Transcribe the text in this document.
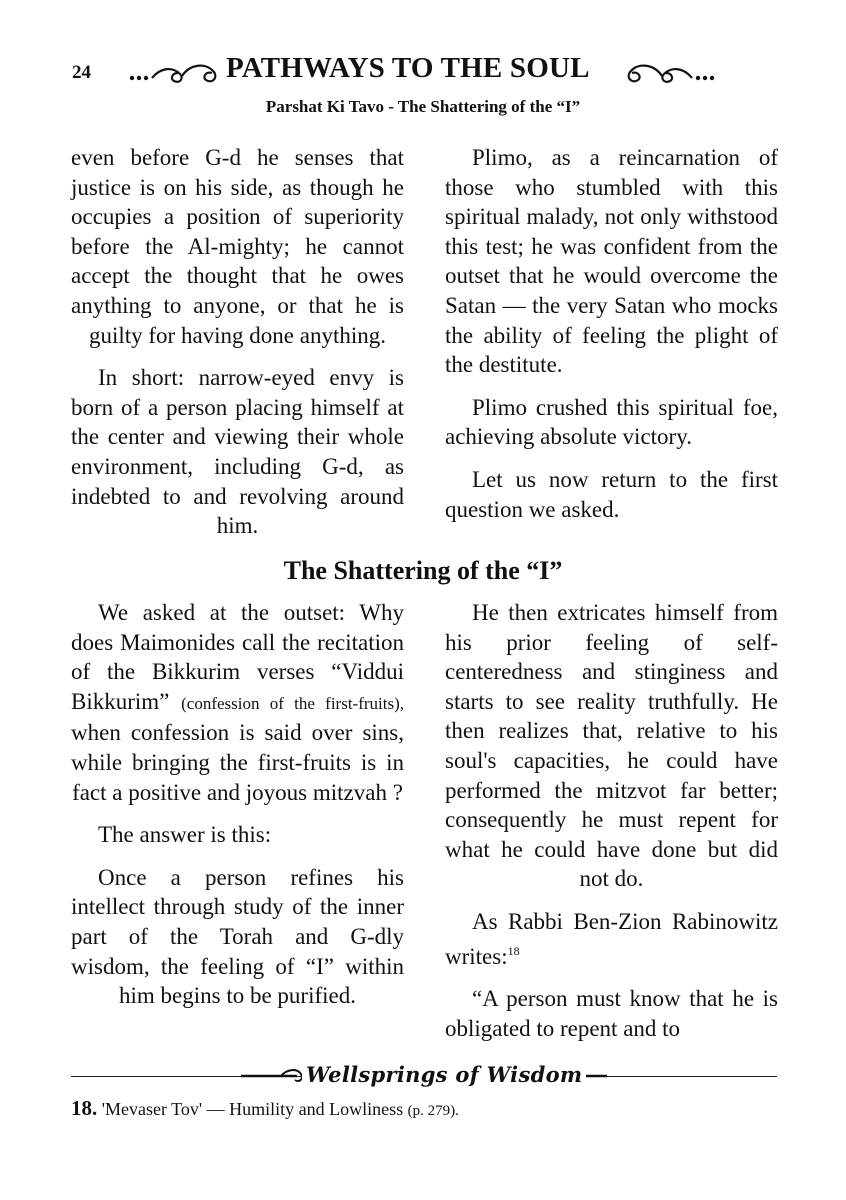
24	PATHWAYS TO THE SOUL
Parshat Ki Tavo - The Shattering of the “I”

even before G-d he senses that justice is on his side, as though he occupies a position of superiority before the Al-mighty; he cannot accept the thought that he owes anything to anyone, or that he is guilty for having done anything.

In short: narrow-eyed envy is born of a person placing himself at the center and viewing their whole environment, including G-d, as indebted to and revolving around him.

Plimo, as a reincarnation of those who stumbled with this spiritual malady, not only withstood this test; he was confident from the outset that he would overcome the Satan — the very Satan who mocks the ability of feeling the plight of the destitute.

Plimo crushed this spiritual foe, achieving absolute victory.

Let us now return to the first question we asked.

The Shattering of the “I”

We asked at the outset: Why does Maimonides call the recitation of the Bikkurim verses “Viddui Bikkurim” (confession of the first-fruits), when confession is said over sins, while bringing the first-fruits is in fact a positive and joyous mitzvah ?

The answer is this:

Once a person refines his intellect through study of the inner part of the Torah and G-dly wisdom, the feeling of “I” within him begins to be purified.

He then extricates himself from his prior feeling of self-centeredness and stinginess and starts to see reality truthfully. He then realizes that, relative to his soul's capacities, he could have performed the mitzvot far better; consequently he must repent for what he could have done but did not do.

As Rabbi Ben-Zion Rabinowitz writes:$^{18}$

“A person must know that he is obligated to repent and to

Wellsprings of Wisdom
18. 'Mevaser Tov' — Humility and Lowliness (p. 279).
